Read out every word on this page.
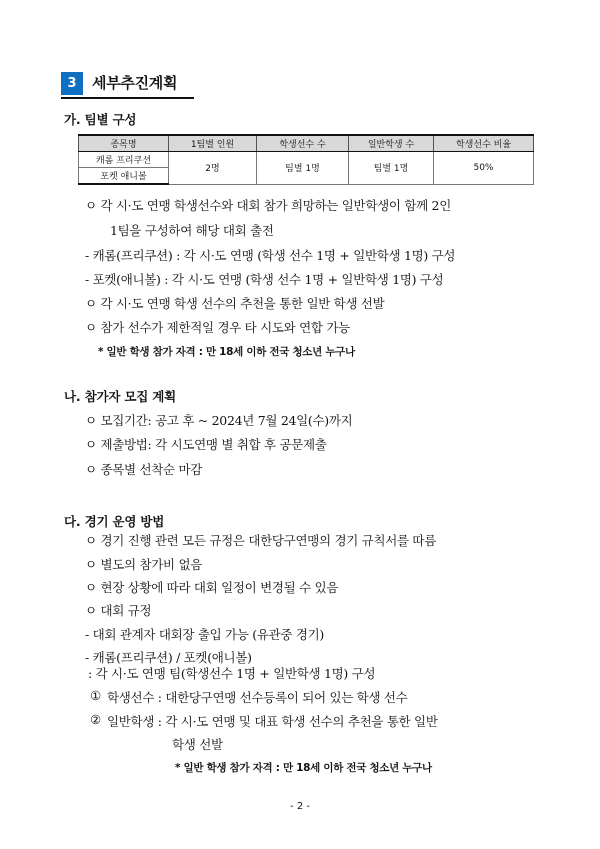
3	세부추진계획
가. 팀별 구성
종목명	1팀별 인원	학생선수 수	일반학생 수	학생선수 비율
캐롬 프리쿠션	2명	팀별 1명	팀별 1명	50%
포켓 애니볼				
ㅇ 각 시·도 연맹 학생선수와 대회 참가 희망하는 일반학생이 함께 2인
1팀을 구성하여 해당 대회 출전
- 캐롬(프리쿠션) : 각 시·도 연맹 (학생 선수 1명 + 일반학생 1명) 구성
- 포켓(애니볼) : 각 시·도 연맹 (학생 선수 1명 + 일반학생 1명) 구성
ㅇ 각 시·도 연맹 학생 선수의 추천을 통한 일반 학생 선발
ㅇ 참가 선수가 제한적일 경우 타 시도와 연합 가능
* 일반 학생 참가 자격 : 만 18세 이하 전국 청소년 누구나
나. 참가자 모집 계획
ㅇ 모집기간: 공고 후 ~ 2024년 7월 24일(수)까지
ㅇ 제출방법: 각 시도연맹 별 취합 후 공문제출
ㅇ 종목별 선착순 마감
다. 경기 운영 방법
ㅇ 경기 진행 관련 모든 규정은 대한당구연맹의 경기 규칙서를 따름
ㅇ 별도의 참가비 없음
ㅇ 현장 상황에 따라 대회 일정이 변경될 수 있음
ㅇ 대회 규정
- 대회 관계자 대회장 출입 가능 (유관중 경기)
- 캐롬(프리쿠션) / 포켓(애니볼)
: 각 시·도 연맹 팀(학생선수 1명 + 일반학생 1명) 구성
① 학생선수 : 대한당구연맹 선수등록이 되어 있는 학생 선수
② 일반학생 : 각 시·도 연맹 및 대표 학생 선수의 추천을 통한 일반
학생 선발
* 일반 학생 참가 자격 : 만 18세 이하 전국 청소년 누구나
- 2 -
